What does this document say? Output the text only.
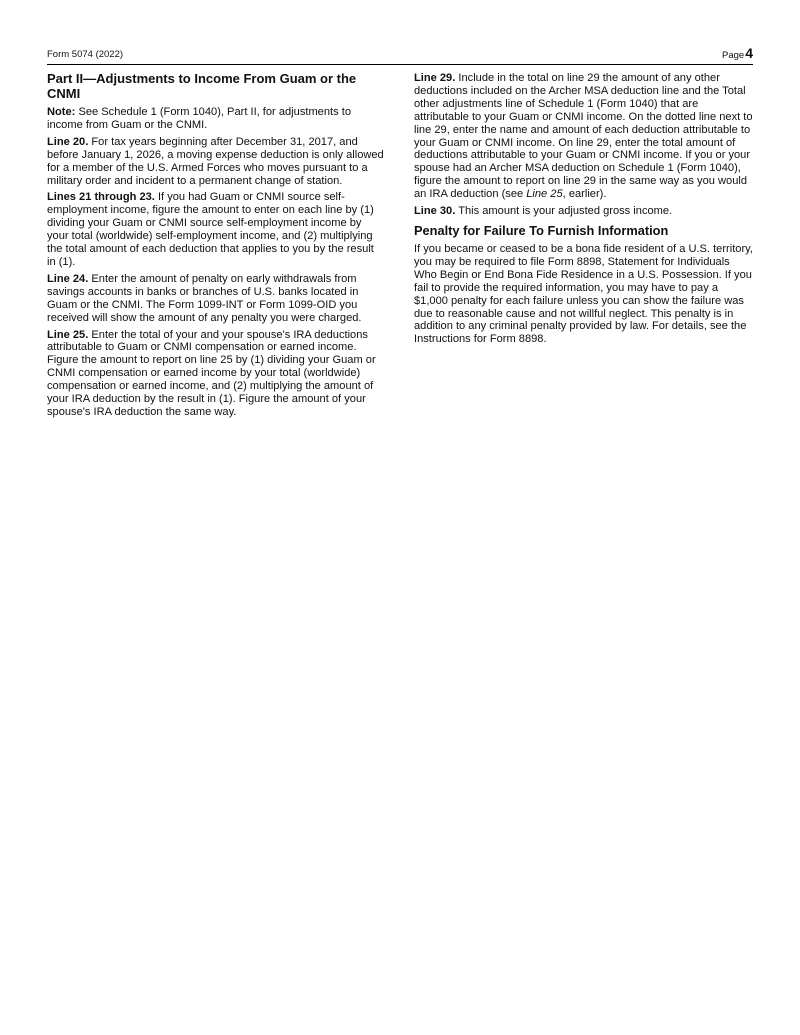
Form 5074 (2022)	Page4
Part II—Adjustments to Income From Guam or the CNMI

Note: See Schedule 1 (Form 1040), Part II, for adjustments to income from Guam or the CNMI.

Line 20. For tax years beginning after December 31, 2017, and before January 1, 2026, a moving expense deduction is only allowed for a member of the U.S. Armed Forces who moves pursuant to a military order and incident to a permanent change of station.

Lines 21 through 23. If you had Guam or CNMI source self-employment income, figure the amount to enter on each line by (1) dividing your Guam or CNMI source self-employment income by your total (worldwide) self-employment income, and (2) multiplying the total amount of each deduction that applies to you by the result in (1).

Line 24. Enter the amount of penalty on early withdrawals from savings accounts in banks or branches of U.S. banks located in Guam or the CNMI. The Form 1099-INT or Form 1099-OID you received will show the amount of any penalty you were charged.

Line 25. Enter the total of your and your spouse's IRA deductions attributable to Guam or CNMI compensation or earned income. Figure the amount to report on line 25 by (1) dividing your Guam or CNMI compensation or earned income by your total (worldwide) compensation or earned income, and (2) multiplying the amount of your IRA deduction by the result in (1). Figure the amount of your spouse's IRA deduction the same way.

Line 29. Include in the total on line 29 the amount of any other deductions included on the Archer MSA deduction line and the Total other adjustments line of Schedule 1 (Form 1040) that are attributable to your Guam or CNMI income. On the dotted line next to line 29, enter the name and amount of each deduction attributable to your Guam or CNMI income. On line 29, enter the total amount of deductions attributable to your Guam or CNMI income. If you or your spouse had an Archer MSA deduction on Schedule 1 (Form 1040), figure the amount to report on line 29 in the same way as you would an IRA deduction (see Line 25, earlier).

Line 30. This amount is your adjusted gross income.

Penalty for Failure To Furnish Information

If you became or ceased to be a bona fide resident of a U.S. territory, you may be required to file Form 8898, Statement for Individuals Who Begin or End Bona Fide Residence in a U.S. Possession. If you fail to provide the required information, you may have to pay a $1,000 penalty for each failure unless you can show the failure was due to reasonable cause and not willful neglect. This penalty is in addition to any criminal penalty provided by law. For details, see the Instructions for Form 8898.
